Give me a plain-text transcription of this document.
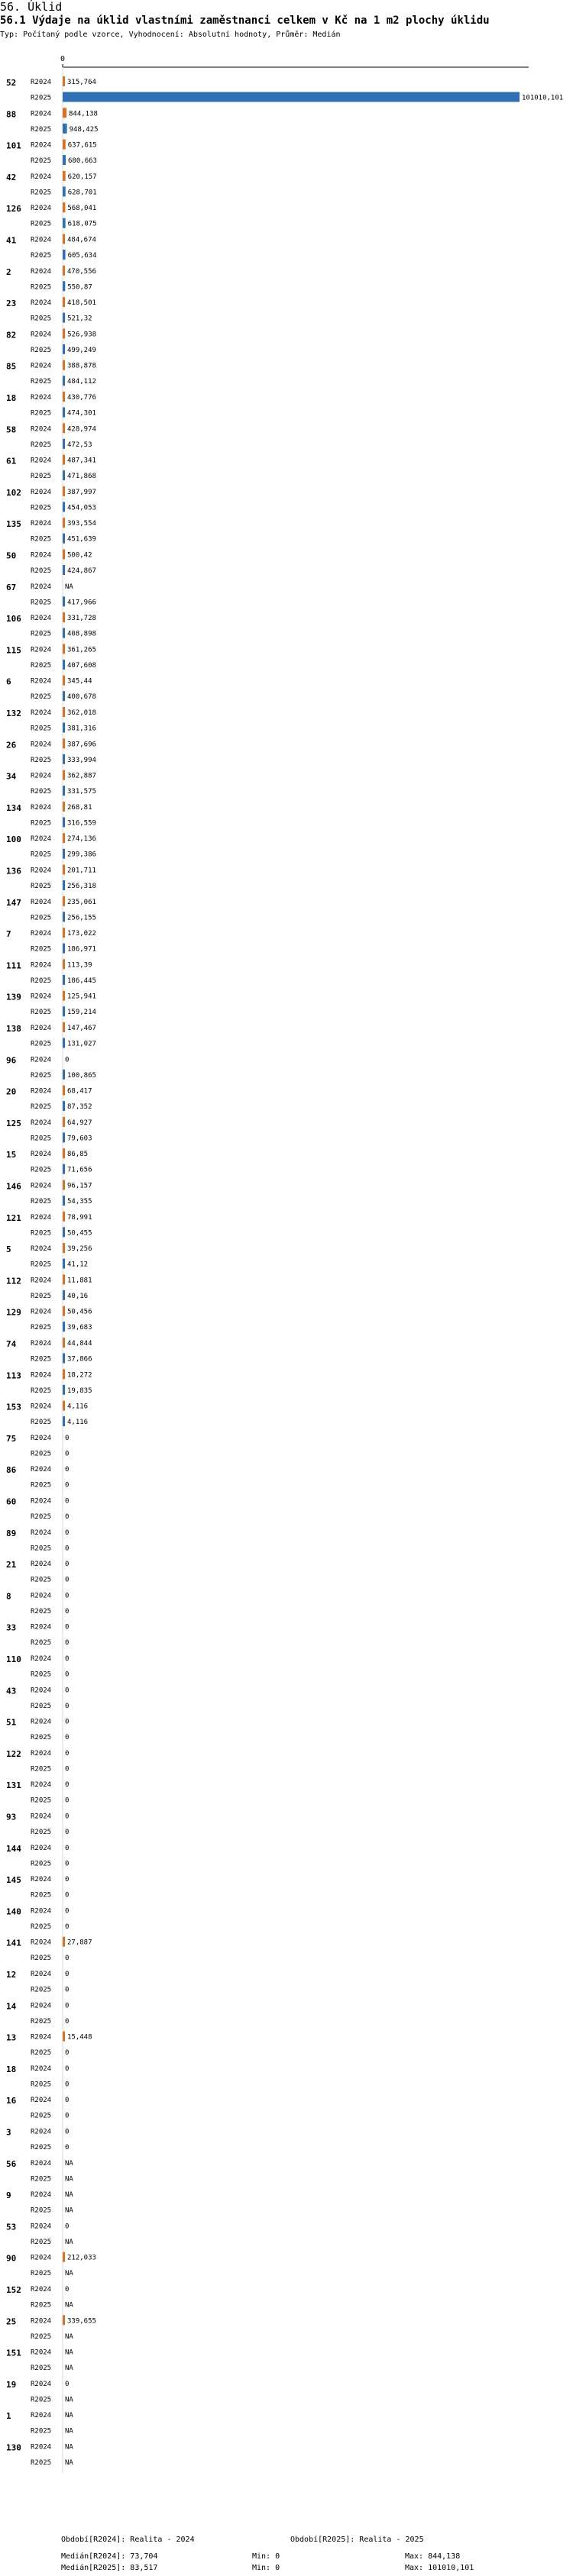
56. Úklid
56.1 Výdaje na úklid vlastními zaměstnanci celkem v Kč na 1 m2 plochy úklidu
Typ: Počítaný podle vzorce, Vyhodnocení: Absolutní hodnoty, Průměr: Medián
0
52 R2024 315,764
R2025	101010,101
88 R2024	844,138
R2025	948,425
101 R2024 637,615
R2025 680,663
42 R2024 620,157
R2025 628,701
126 R2024 568,041
R2025 618,075
41 R2024 484,674
R2025 605,634
2	R2024 470,556
R2025 550,87
23 R2024 418,501
R2025 521,32
82 R2024 526,938
R2025 499,249
85 R2024 388,878
R2025 484,112
18 R2024 430,776
R2025 474,301
58 R2024 428,974
R2025 472,53
61 R2024 487,341
R2025 471,868
102 R2024 387,997
R2025 454,053
135 R2024 393,554
R2025 451,639
50 R2024 500,42
R2025 424,867
67 R2024 NA
R2025 417,966
106 R2024 331,728
R2025 408,898
115 R2024 361,265
R2025 407,608
6	R2024 345,44
R2025 400,678
132 R2024 362,018
R2025 381,316
26 R2024 387,696
R2025 333,994
34 R2024 362,887
R2025 331,575
134 R2024 268,81
R2025 316,559
100 R2024 274,136
R2025 299,386
136 R2024 201,711
R2025 256,318
147 R2024 235,061
R2025 256,155
7	R2024 173,022
R2025 186,971
111 R2024 113,39
R2025 186,445
139 R2024 125,941
R2025 159,214
138 R2024 147,467
R2025 131,027
96 R2024 0
R2025 100,865
20 R2024 68,417
R2025 87,352
125 R2024 64,927
R2025 79,603
15 R2024 86,85
R2025 71,656
146 R2024 96,157
R2025 54,355
121 R2024 78,991
R2025 50,455
5	R2024 39,256
R2025 41,12
112 R2024 11,881
R2025 40,16
129 R2024 50,456
R2025 39,683
74 R2024 44,844
R2025 37,866
113 R2024 18,272
R2025 19,835
153 R2024 4,116
R2025 4,116
75 R2024 0
R2025 0
86 R2024 0
R2025 0
60 R2024 0
R2025 0
89 R2024 0
R2025 0
21 R2024 0
R2025 0
8	R2024 0
R2025 0
33 R2024 0
R2025 0
110 R2024 0
R2025 0
43 R2024 0
R2025 0
51 R2024 0
R2025 0
122 R2024 0
R2025 0
131 R2024 0
R2025 0
93 R2024 0
R2025 0
144 R2024 0
R2025 0
145 R2024 0
R2025 0
140 R2024 0
R2025 0
141 R2024 27,887
R2025 0
12 R2024 0
R2025 0
14 R2024 0
R2025 0
13 R2024 15,448
R2025 0
18 R2024 0
R2025 0
16 R2024 0
R2025 0
3	R2024 0
R2025 0
56 R2024 NA
R2025 NA
9	R2024 NA
R2025 NA
53 R2024 0
R2025 NA
90 R2024 212,033
R2025 NA
152 R2024 0
R2025 NA
25 R2024 339,655
R2025 NA
151 R2024 NA
R2025 NA
19 R2024 0
R2025 NA
1	R2024 NA
R2025 NA
130 R2024 NA
R2025 NA
Období[R2024]: Realita - 2024	Období[R2025]: Realita - 2025
Medián[R2024]: 73,704	Min: 0	Max: 844,138
Medián[R2025]: 83,517	Min: 0	Max: 101010,101
